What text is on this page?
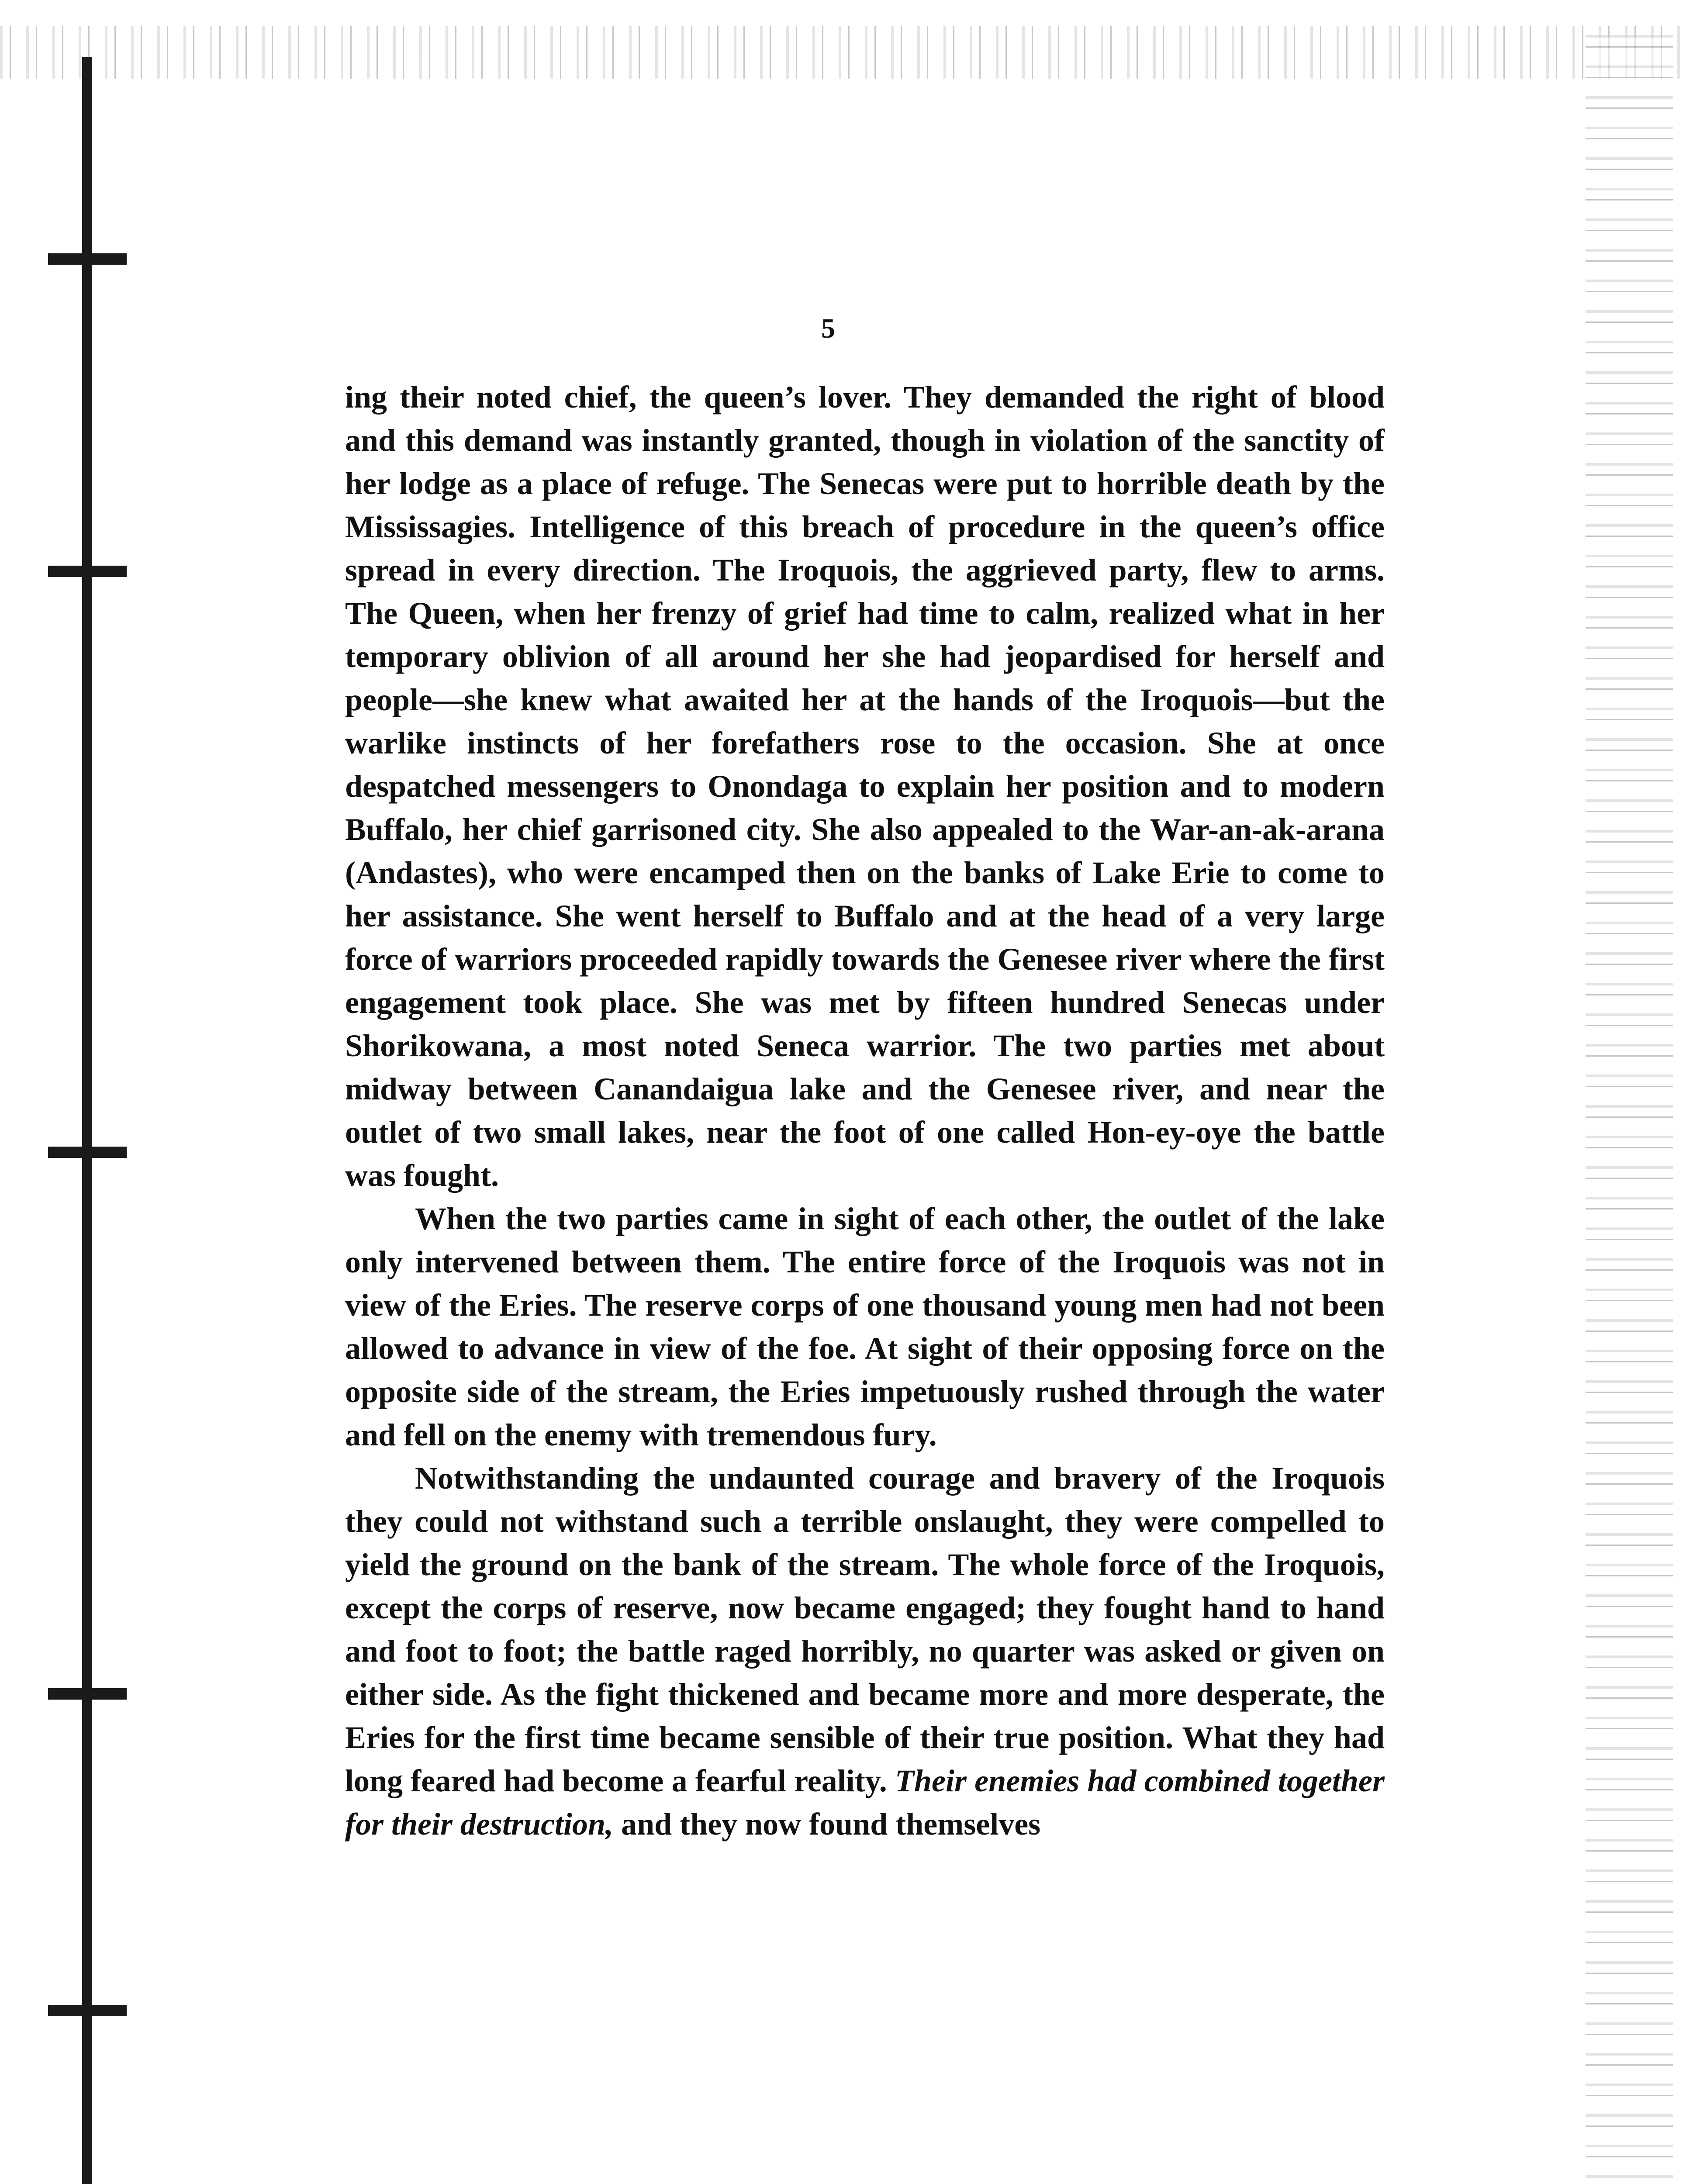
5

ing their noted chief, the queen’s lover. They demanded the right of blood and this demand was instantly granted, though in violation of the sanctity of her lodge as a place of refuge. The Senecas were put to horrible death by the Mississagies. Intelligence of this breach of procedure in the queen’s office spread in every direction. The Iroquois, the aggrieved party, flew to arms. The Queen, when her frenzy of grief had time to calm, realized what in her temporary oblivion of all around her she had jeopardised for herself and people—she knew what awaited her at the hands of the Iroquois—but the warlike instincts of her forefathers rose to the occasion. She at once despatched messengers to Onondaga to explain her position and to modern Buffalo, her chief garrisoned city. She also appealed to the War-an-ak-arana (Andastes), who were encamped then on the banks of Lake Erie to come to her assistance. She went herself to Buffalo and at the head of a very large force of warriors proceeded rapidly towards the Genesee river where the first engagement took place. She was met by fifteen hundred Senecas under Shorikowana, a most noted Seneca warrior. The two parties met about midway between Canandaigua lake and the Genesee river, and near the outlet of two small lakes, near the foot of one called Hon-ey-oye the battle was fought.

When the two parties came in sight of each other, the outlet of the lake only intervened between them. The entire force of the Iroquois was not in view of the Eries. The reserve corps of one thousand young men had not been allowed to advance in view of the foe. At sight of their opposing force on the opposite side of the stream, the Eries impetuously rushed through the water and fell on the enemy with tremendous fury.

Notwithstanding the undaunted courage and bravery of the Iroquois they could not withstand such a terrible onslaught, they were compelled to yield the ground on the bank of the stream. The whole force of the Iroquois, except the corps of reserve, now became engaged; they fought hand to hand and foot to foot; the battle raged horribly, no quarter was asked or given on either side. As the fight thickened and became more and more desperate, the Eries for the first time became sensible of their true position. What they had long feared had become a fearful reality. Their enemies had combined together for their destruction, and they now found themselves
